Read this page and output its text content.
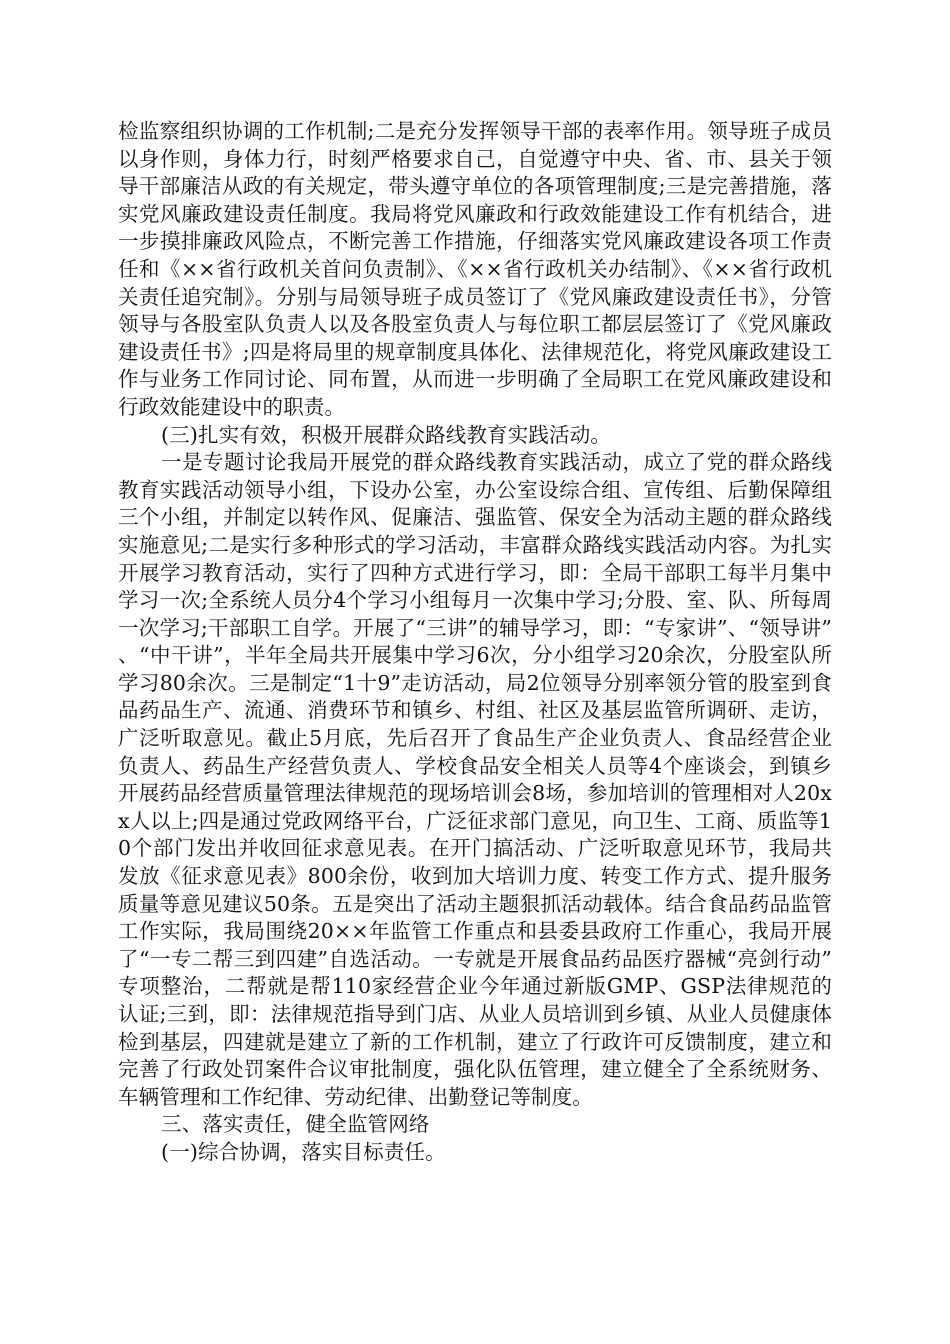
检监察组织协调的工作机制;二是充分发挥领导干部的表率作用。领导班子成员以身作则，身体力行，时刻严格要求自己，自觉遵守中央、省、市、县关于领导干部廉洁从政的有关规定，带头遵守单位的各项管理制度;三是完善措施，落实党风廉政建设责任制度。我局将党风廉政和行政效能建设工作有机结合，进一步摸排廉政风险点，不断完善工作措施，仔细落实党风廉政建设各项工作责任和《××省行政机关首问负责制》、《××省行政机关办结制》、《××省行政机关责任追究制》。分别与局领导班子成员签订了《党风廉政建设责任书》，分管领导与各股室队负责人以及各股室负责人与每位职工都层层签订了《党风廉政建设责任书》;四是将局里的规章制度具体化、法律规范化，将党风廉政建设工作与业务工作同讨论、同布置，从而进一步明确了全局职工在党风廉政建设和行政效能建设中的职责。

(三)扎实有效，积极开展群众路线教育实践活动。

一是专题讨论我局开展党的群众路线教育实践活动，成立了党的群众路线教育实践活动领导小组，下设办公室，办公室设综合组、宣传组、后勤保障组三个小组，并制定以转作风、促廉洁、强监管、保安全为活动主题的群众路线实施意见;二是实行多种形式的学习活动，丰富群众路线实践活动内容。为扎实开展学习教育活动，实行了四种方式进行学习，即：全局干部职工每半月集中学习一次;全系统人员分4个学习小组每月一次集中学习;分股、室、队、所每周一次学习;干部职工自学。开展了“三讲”的辅导学习，即：“专家讲”、“领导讲”、“中干讲”，半年全局共开展集中学习6次，分小组学习20余次，分股室队所学习80余次。三是制定“1十9”走访活动，局2位领导分别率领分管的股室到食品药品生产、流通、消费环节和镇乡、村组、社区及基层监管所调研、走访，广泛听取意见。截止5月底，先后召开了食品生产企业负责人、食品经营企业负责人、药品生产经营负责人、学校食品安全相关人员等4个座谈会，到镇乡开展药品经营质量管理法律规范的现场培训会8场，参加培训的管理相对人20xx人以上;四是通过党政网络平台，广泛征求部门意见，向卫生、工商、质监等10个部门发出并收回征求意见表。在开门搞活动、广泛听取意见环节，我局共发放《征求意见表》800余份，收到加大培训力度、转变工作方式、提升服务质量等意见建议50条。五是突出了活动主题狠抓活动载体。结合食品药品监管工作实际，我局围绕20××年监管工作重点和县委县政府工作重心，我局开展了“一专二帮三到四建”自选活动。一专就是开展食品药品医疗器械“亮剑行动” 专项整治，二帮就是帮110家经营企业今年通过新版GMP、GSP法律规范的认证;三到，即：法律规范指导到门店、从业人员培训到乡镇、从业人员健康体检到基层，四建就是建立了新的工作机制，建立了行政许可反馈制度，建立和完善了行政处罚案件合议审批制度，强化队伍管理，建立健全了全系统财务、车辆管理和工作纪律、劳动纪律、出勤登记等制度。

三、落实责任，健全监管网络

(一)综合协调，落实目标责任。
